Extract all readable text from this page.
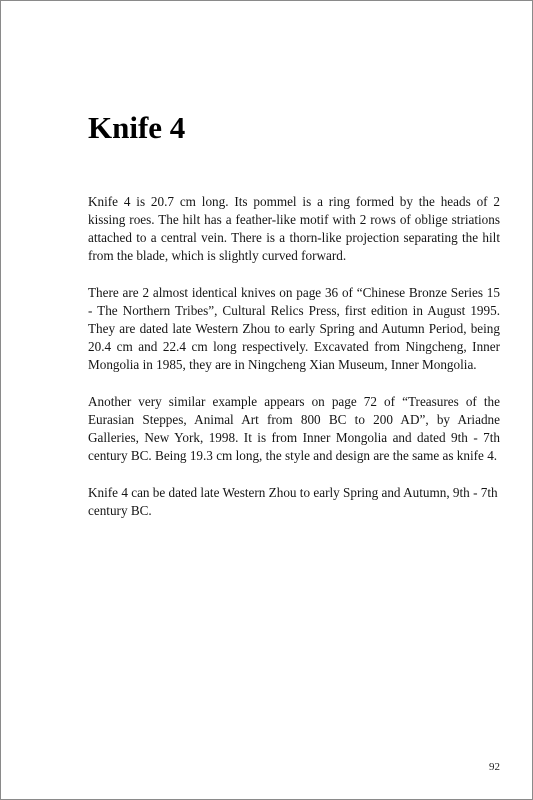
Knife 4

Knife 4 is 20.7 cm long. Its pommel is a ring formed by the heads of 2 kissing roes. The hilt has a feather-like motif with 2 rows of oblige striations attached to a central vein. There is a thorn-like projection separating the hilt from the blade, which is slightly curved forward.

There are 2 almost identical knives on page 36 of “Chinese Bronze Series 15 - The Northern Tribes”, Cultural Relics Press, first edition in August 1995. They are dated late Western Zhou to early Spring and Autumn Period, being 20.4 cm and 22.4 cm long respectively. Excavated from Ningcheng, Inner Mongolia in 1985, they are in Ningcheng Xian Museum, Inner Mongolia.

Another very similar example appears on page 72 of “Treasures of the Eurasian Steppes, Animal Art from 800 BC to 200 AD”, by Ariadne Galleries, New York, 1998. It is from Inner Mongolia and dated 9th - 7th century BC. Being 19.3 cm long, the style and design are the same as knife 4.

Knife 4 can be dated late Western Zhou to early Spring and Autumn, 9th - 7th century BC.

92
